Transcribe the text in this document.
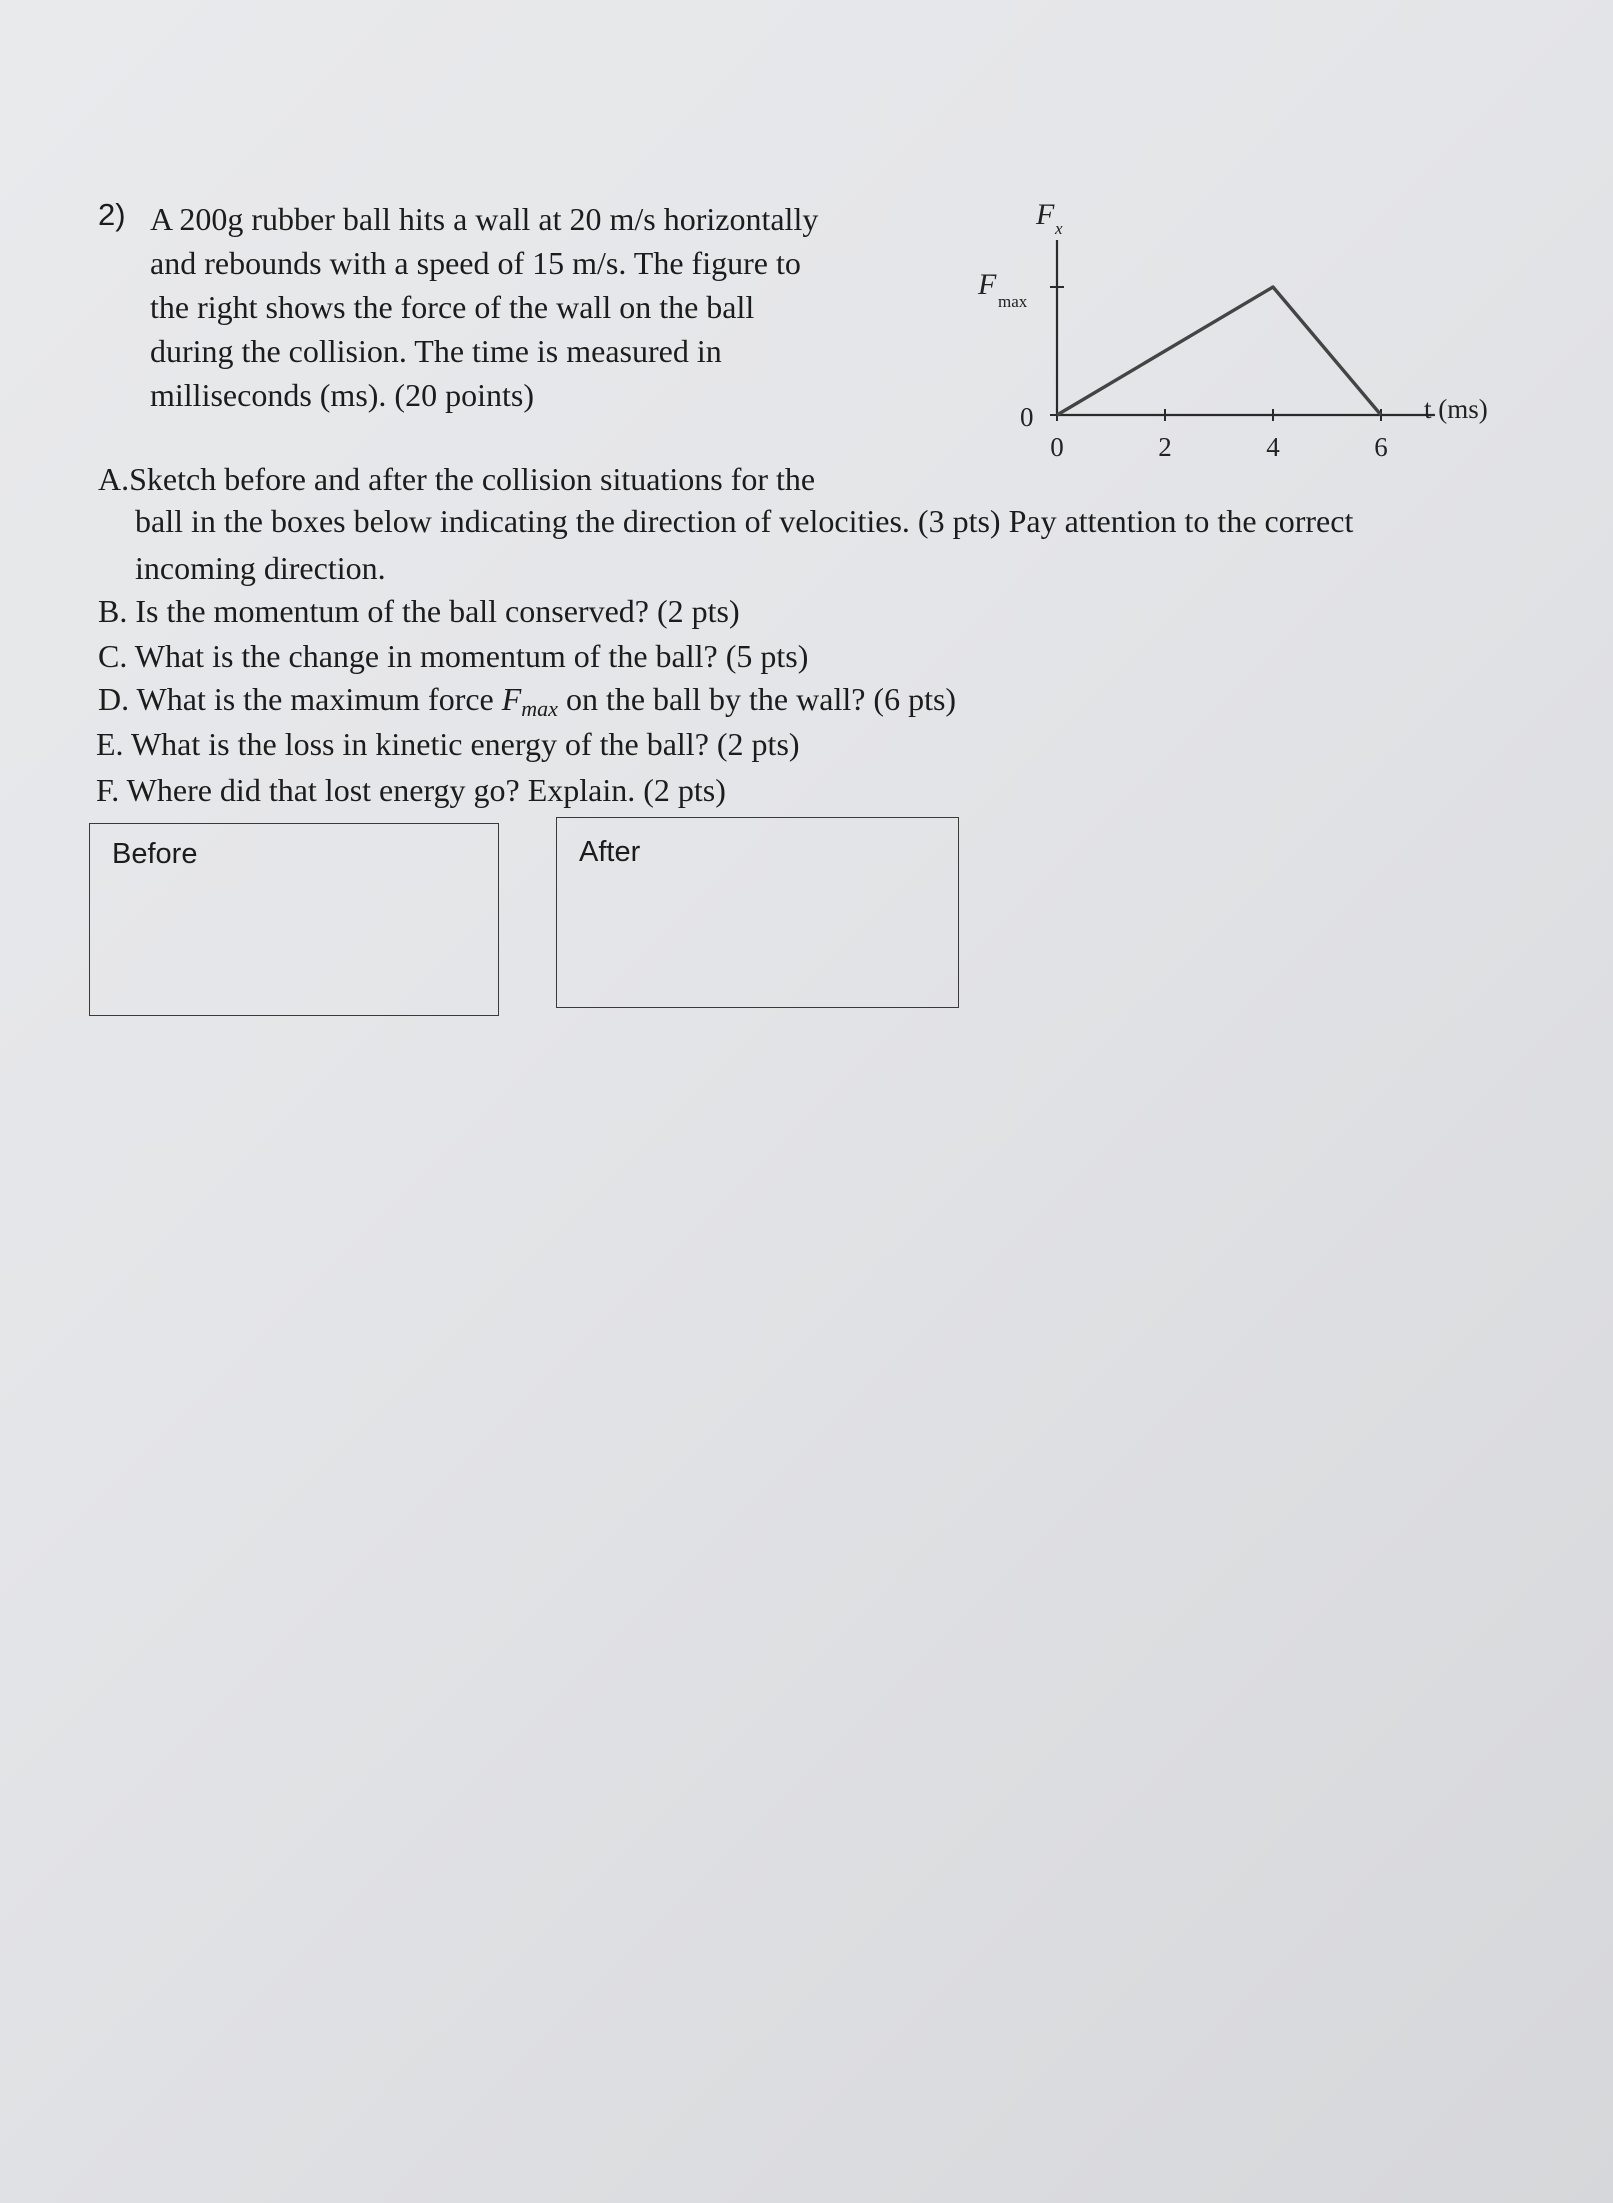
2) A 200g rubber ball hits a wall at 20 m/s horizontally
and rebounds with a speed of 15 m/s. The figure to
the right shows the force of the wall on the ball
during the collision. The time is measured in
milliseconds (ms). (20 points)
F x
F
max
0	t (ms)
0	2	4	6
A.Sketch before and after the collision situations for the
ball in the boxes below indicating the direction of velocities. (3 pts) Pay attention to the correct
incoming direction.
B. Is the momentum of the ball conserved? (2 pts)
C. What is the change in momentum of the ball? (5 pts)
D. What is the maximum force $F_{max}$ on the ball by the wall? (6 pts)
E. What is the loss in kinetic energy of the ball? (2 pts)
F. Where did that lost energy go? Explain. (2 pts)
Before	After
